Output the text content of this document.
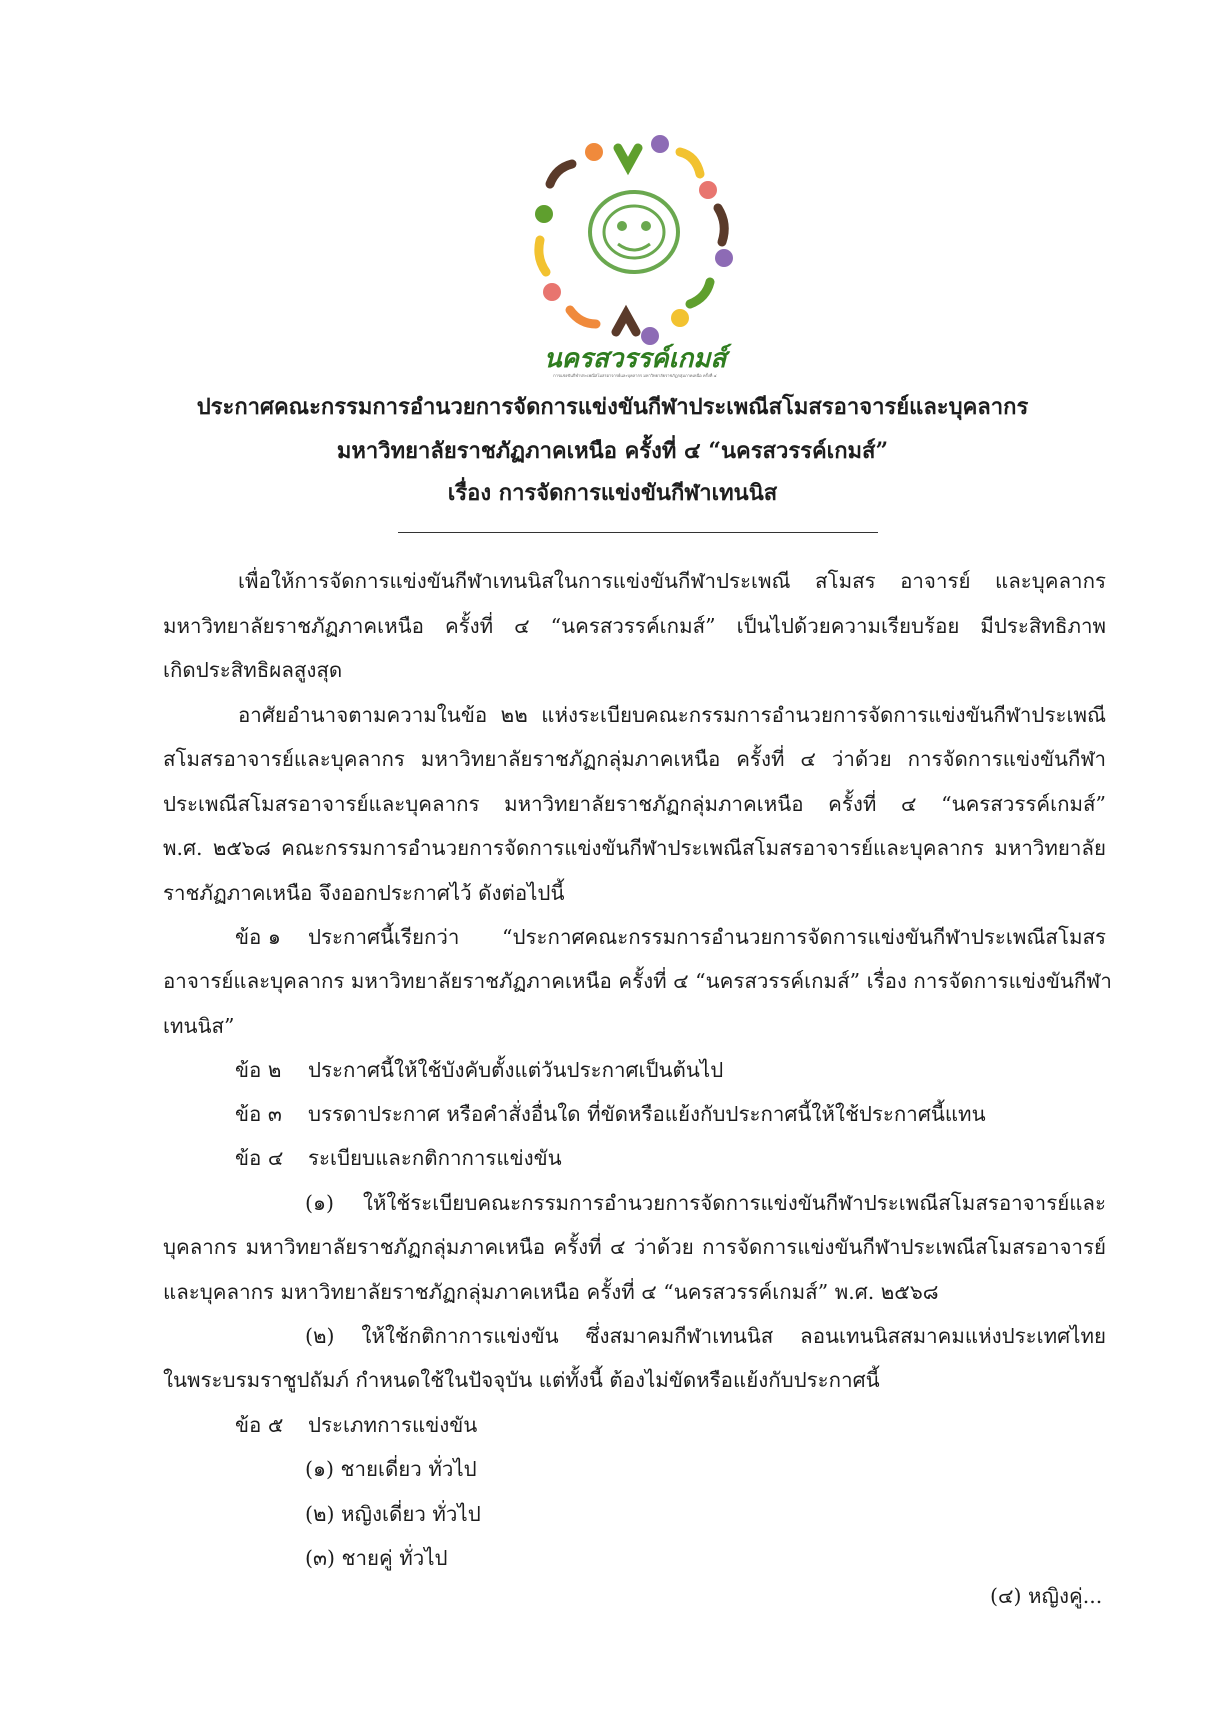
นครสวรรค์เกมส์
การแข่งขันกีฬาประเพณีสโมสรอาจารย์และบุคลากร มหาวิทยาลัยราชภัฏกลุ่มภาคเหนือ ครั้งที่ ๔
ประกาศคณะกรรมการอำนวยการจัดการแข่งขันกีฬาประเพณีสโมสรอาจารย์และบุคลากร
มหาวิทยาลัยราชภัฏภาคเหนือ ครั้งที่ ๔ “นครสวรรค์เกมส์”
เรื่อง การจัดการแข่งขันกีฬาเทนนิส
เพื่อให้การจัดการแข่งขันกีฬาเทนนิสในการแข่งขันกีฬาประเพณี สโมสร อาจารย์ และบุคลากร
มหาวิทยาลัยราชภัฏภาคเหนือ ครั้งที่ ๔ “นครสวรรค์เกมส์” เป็นไปด้วยความเรียบร้อย มีประสิทธิภาพ
เกิดประสิทธิผลสูงสุด
อาศัยอำนาจตามความในข้อ ๒๒ แห่งระเบียบคณะกรรมการอำนวยการจัดการแข่งขันกีฬาประเพณี
สโมสรอาจารย์และบุคลากร มหาวิทยาลัยราชภัฏกลุ่มภาคเหนือ ครั้งที่ ๔ ว่าด้วย การจัดการแข่งขันกีฬา
ประเพณีสโมสรอาจารย์และบุคลากร มหาวิทยาลัยราชภัฏกลุ่มภาคเหนือ ครั้งที่ ๔ “นครสวรรค์เกมส์”
พ.ศ. ๒๕๖๘ คณะกรรมการอำนวยการจัดการแข่งขันกีฬาประเพณีสโมสรอาจารย์และบุคลากร มหาวิทยาลัย
ราชภัฏภาคเหนือ จึงออกประกาศไว้ ดังต่อไปนี้
ข้อ ๑ ประกาศนี้เรียกว่า “ประกาศคณะกรรมการอำนวยการจัดการแข่งขันกีฬาประเพณีสโมสร
อาจารย์และบุคลากร มหาวิทยาลัยราชภัฏภาคเหนือ ครั้งที่ ๔ “นครสวรรค์เกมส์” เรื่อง การจัดการแข่งขันกีฬา
เทนนิส”
ข้อ ๒ ประกาศนี้ให้ใช้บังคับตั้งแต่วันประกาศเป็นต้นไป
ข้อ ๓ บรรดาประกาศ หรือคำสั่งอื่นใด ที่ขัดหรือแย้งกับประกาศนี้ให้ใช้ประกาศนี้แทน
ข้อ ๔ ระเบียบและกติกาการแข่งขัน
(๑) ให้ใช้ระเบียบคณะกรรมการอำนวยการจัดการแข่งขันกีฬาประเพณีสโมสรอาจารย์และ
บุคลากร มหาวิทยาลัยราชภัฏกลุ่มภาคเหนือ ครั้งที่ ๔ ว่าด้วย การจัดการแข่งขันกีฬาประเพณีสโมสรอาจารย์
และบุคลากร มหาวิทยาลัยราชภัฏกลุ่มภาคเหนือ ครั้งที่ ๔ “นครสวรรค์เกมส์” พ.ศ. ๒๕๖๘
(๒) ให้ใช้กติกาการแข่งขัน ซึ่งสมาคมกีฬาเทนนิส ลอนเทนนิสสมาคมแห่งประเทศไทย
ในพระบรมราชูปถัมภ์ กำหนดใช้ในปัจจุบัน แต่ทั้งนี้ ต้องไม่ขัดหรือแย้งกับประกาศนี้
ข้อ ๕ ประเภทการแข่งขัน
(๑) ชายเดี่ยว ทั่วไป
(๒) หญิงเดี่ยว ทั่วไป
(๓) ชายคู่ ทั่วไป
(๔) หญิงคู่...
